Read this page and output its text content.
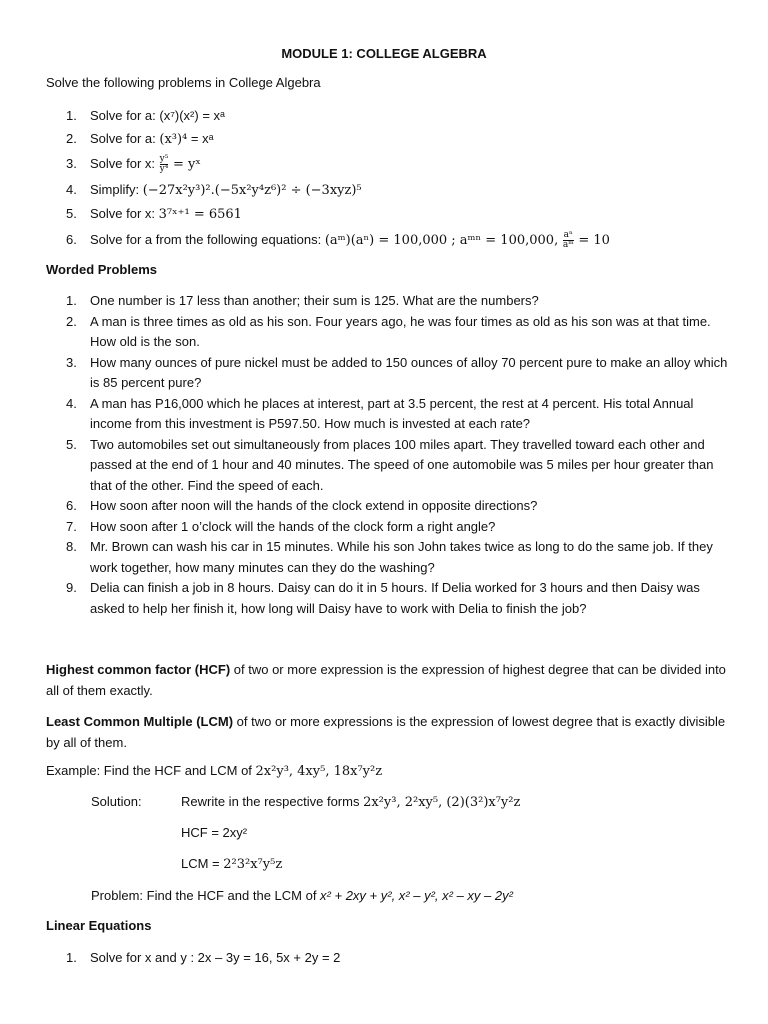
MODULE 1: COLLEGE ALGEBRA
Solve the following problems in College Algebra
1. Solve for a: (x⁷)(x²) = xᵃ
2. Solve for a: (x³)⁴ = xᵃ
3. Solve for x: $\frac{\text{y⁵}}{\text{y⁴}}$ = yˣ
4. Simplify: (−27x²y³)².(−5x²y⁴z⁶)² ÷ (−3xyz)⁵
5. Solve for x: 3⁷ˣ⁺¹ = 6561
6. Solve for a from the following equations: (aᵐ)(aⁿ) = 100,000 ; aᵐⁿ = 100,000, $\frac{\text{aⁿ}}{\text{aᵐ}} = 10$
Worded Problems
1. One number is 17 less than another; their sum is 125. What are the numbers?
2. A man is three times as old as his son. Four years ago, he was four times as old as his son was at that time. How old is the son.
3. How many ounces of pure nickel must be added to 150 ounces of alloy 70 percent pure to make an alloy which is 85 percent pure?
4. A man has P16,000 which he places at interest, part at 3.5 percent, the rest at 4 percent. His total Annual income from this investment is P597.50. How much is invested at each rate?
5. Two automobiles set out simultaneously from places 100 miles apart. They travelled toward each other and passed at the end of 1 hour and 40 minutes. The speed of one automobile was 5 miles per hour greater than that of the other. Find the speed of each.
6. How soon after noon will the hands of the clock extend in opposite directions?
7. How soon after 1 o’clock will the hands of the clock form a right angle?
8. Mr. Brown can wash his car in 15 minutes. While his son John takes twice as long to do the same job. If they work together, how many minutes can they do the washing?
9. Delia can finish a job in 8 hours. Daisy can do it in 5 hours. If Delia worked for 3 hours and then Daisy was asked to help her finish it, how long will Daisy have to work with Delia to finish the job?
Highest common factor (HCF) of two or more expression is the expression of highest degree that can be divided into all of them exactly.
Least Common Multiple (LCM) of two or more expressions is the expression of lowest degree that is exactly divisible by all of them.
Example: Find the HCF and LCM of 2x²y³, 4xy⁵, 18x⁷y²z
Solution:	Rewrite in the respective forms 2x²y³, 2²xy⁵, (2)(3²)x⁷y²z
HCF = 2xy²
LCM = 2²3²x⁷y⁵z
Problem: Find the HCF and the LCM of x² + 2xy + y², x² – y², x² – xy – 2y²
Linear Equations
1. Solve for x and y : 2x – 3y = 16, 5x + 2y = 2
